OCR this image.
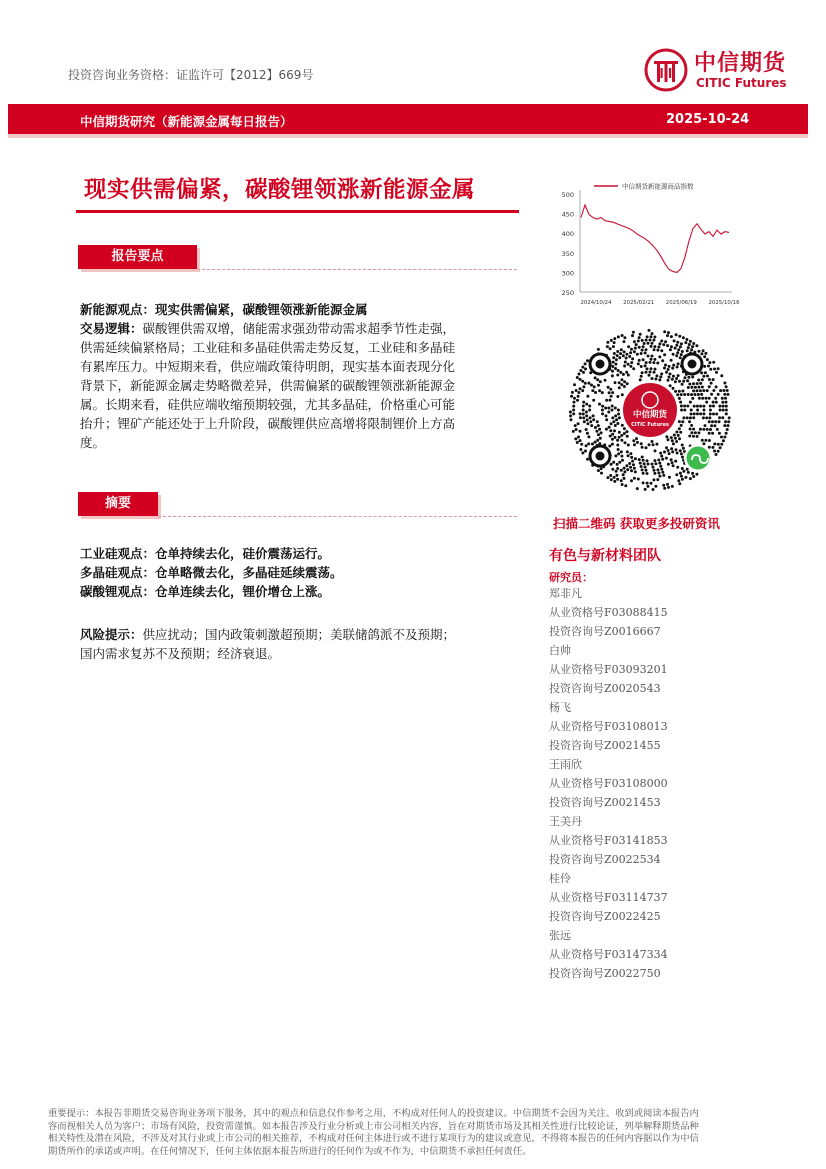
投资咨询业务资格：证监许可【2012】669号	中信期货
CITIC Futures
中信期货研究（新能源金属每日报告）	2025-10-24
现实供需偏紧，碳酸锂领涨新能源金属
报告要点
新能源观点：现实供需偏紧，碳酸锂领涨新能源金属
交易逻辑：碳酸锂供需双增，储能需求强劲带动需求超季节性走强，
供需延续偏紧格局；工业硅和多晶硅供需走势反复，工业硅和多晶硅
有累库压力。中短期来看，供应端政策待明朗，现实基本面表现分化
背景下，新能源金属走势略微差异，供需偏紧的碳酸锂领涨新能源金
属。长期来看，硅供应端收缩预期较强，尤其多晶硅，价格重心可能
抬升；锂矿产能还处于上升阶段，碳酸锂供应高增将限制锂价上方高
度。
摘要
工业硅观点：仓单持续去化，硅价震荡运行。
多晶硅观点：仓单略微去化，多晶硅延续震荡。
碳酸锂观点：仓单连续去化，锂价增仓上涨。
风险提示：供应扰动；国内政策刺激超预期；美联储鸽派不及预期；
国内需求复苏不及预期；经济衰退。
500
450
400
350
300
250
2024/10/24 2025/02/21 2025/06/19 2025/10/16
中信期货新能源商品指数
中信期货
CITIC Futures
扫描二维码 获取更多投研资讯
有色与新材料团队
研究员：
郑非凡
从业资格号F03088415
投资咨询号Z0016667
白帅
从业资格号F03093201
投资咨询号Z0020543
杨飞
从业资格号F03108013
投资咨询号Z0021455
王雨欣
从业资格号F03108000
投资咨询号Z0021453
王美丹
从业资格号F03141853
投资咨询号Z0022534
桂伶
从业资格号F03114737
投资咨询号Z0022425
张远
从业资格号F03147334
投资咨询号Z0022750
重要提示：本报告非期货交易咨询业务项下服务，其中的观点和信息仅作参考之用，不构成对任何人的投资建议。中信期货不会因为关注、收到或阅读本报告内
容而视相关人员为客户；市场有风险，投资需谨慎。如本报告涉及行业分析或上市公司相关内容，旨在对期货市场及其相关性进行比较论证，列举解释期货品种
相关特性及潜在风险，不涉及对其行业或上市公司的相关推荐，不构成对任何主体进行或不进行某项行为的建议或意见，不得将本报告的任何内容据以作为中信
期货所作的承诺或声明。在任何情况下，任何主体依据本报告所进行的任何作为或不作为，中信期货不承担任何责任。
